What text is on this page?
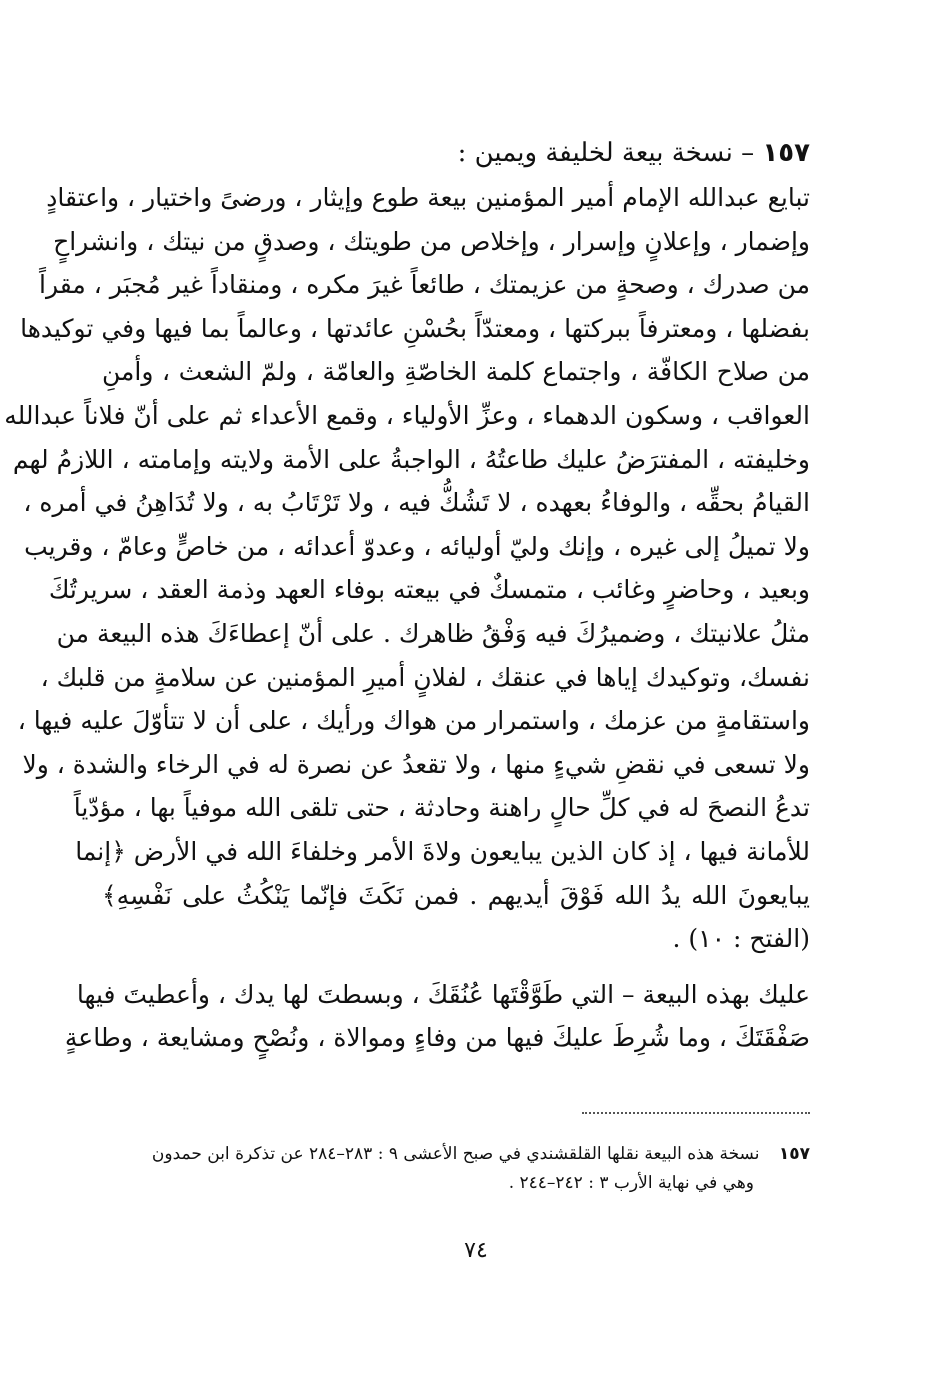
١٥٧ – نسخة بيعة لخليفة ويمين :
تبايع عبدالله الإمام أمير المؤمنين بيعة طوع وإيثار ، ورضىً واختيار ، واعتقادٍ
وإضمار ، وإعلانٍ وإسرار ، وإخلاص من طويتك ، وصدقٍ من نيتك ، وانشراحٍ
من صدرك ، وصحةٍ من عزيمتك ، طائعاً غيرَ مكره ، ومنقاداً غير مُجبَر ، مقراً
بفضلها ، ومعترفاً ببركتها ، ومعتدّاً بحُسْنِ عائدتها ، وعالماً بما فيها وفي توكيدها
من صلاح الكافّة ، واجتماع كلمة الخاصّةِ والعامّة ، ولمّ الشعث ، وأمنِ
العواقب ، وسكون الدهماء ، وعزِّ الأولياء ، وقمع الأعداء ثم على أنّ فلاناً عبدالله
وخليفته ، المفترَضُ عليك طاعتُهُ ، الواجبةُ على الأمة ولايته وإمامته ، اللازمُ لهم
القيامُ بحقِّه ، والوفاءُ بعهده ، لا تَشُكُّ فيه ، ولا تَرْتَابُ به ، ولا تُدَاهِنُ في أمره ،
ولا تميلُ إلى غيره ، وإنك وليّ أوليائه ، وعدوّ أعدائه ، من خاصٍّ وعامّ ، وقريب
وبعيد ، وحاضرٍ وغائب ، متمسكٌ في بيعته بوفاء العهد وذمة العقد ، سريرتُكَ
مثلُ علانيتك ، وضميرُكَ فيه وَفْقُ ظاهرك . على أنّ إعطاءَكَ هذه البيعة من
نفسك، وتوكيدك إياها في عنقك ، لفلانٍ أميرِ المؤمنين عن سلامةٍ من قلبك ،
واستقامةٍ من عزمك ، واستمرار من هواك ورأيك ، على أن لا تتأوّلَ عليه فيها ،
ولا تسعى في نقضِ شيءٍ منها ، ولا تقعدُ عن نصرة له في الرخاء والشدة ، ولا
تدعُ النصحَ له في كلِّ حالٍ راهنة وحادثة ، حتى تلقى الله موفياً بها ، مؤدّياً
للأمانة فيها ، إذ كان الذين يبايعون ولاةَ الأمر وخلفاءَ الله في الأرض ﴿إنما
يبايعونَ الله يدُ الله فَوْقَ أيديهم . فمن نَكَثَ فإنّما يَنْكُثُ على نَفْسِهِ﴾
(الفتح : ١٠) .
عليك بهذه البيعة – التي طَوَّقْتَها عُنُقَكَ ، وبسطتَ لها يدك ، وأعطيتَ فيها
صَفْقَتَكَ ، وما شُرِطَ عليكَ فيها من وفاءٍ وموالاة ، ونُصْحٍ ومشايعة ، وطاعةٍ
١٥٧ نسخة هذه البيعة نقلها القلقشندي في صبح الأعشى ٩ : ٢٨٣–٢٨٤ عن تذكرة ابن حمدون
وهي في نهاية الأرب ٣ : ٢٤٢–٢٤٤ .
٧٤
